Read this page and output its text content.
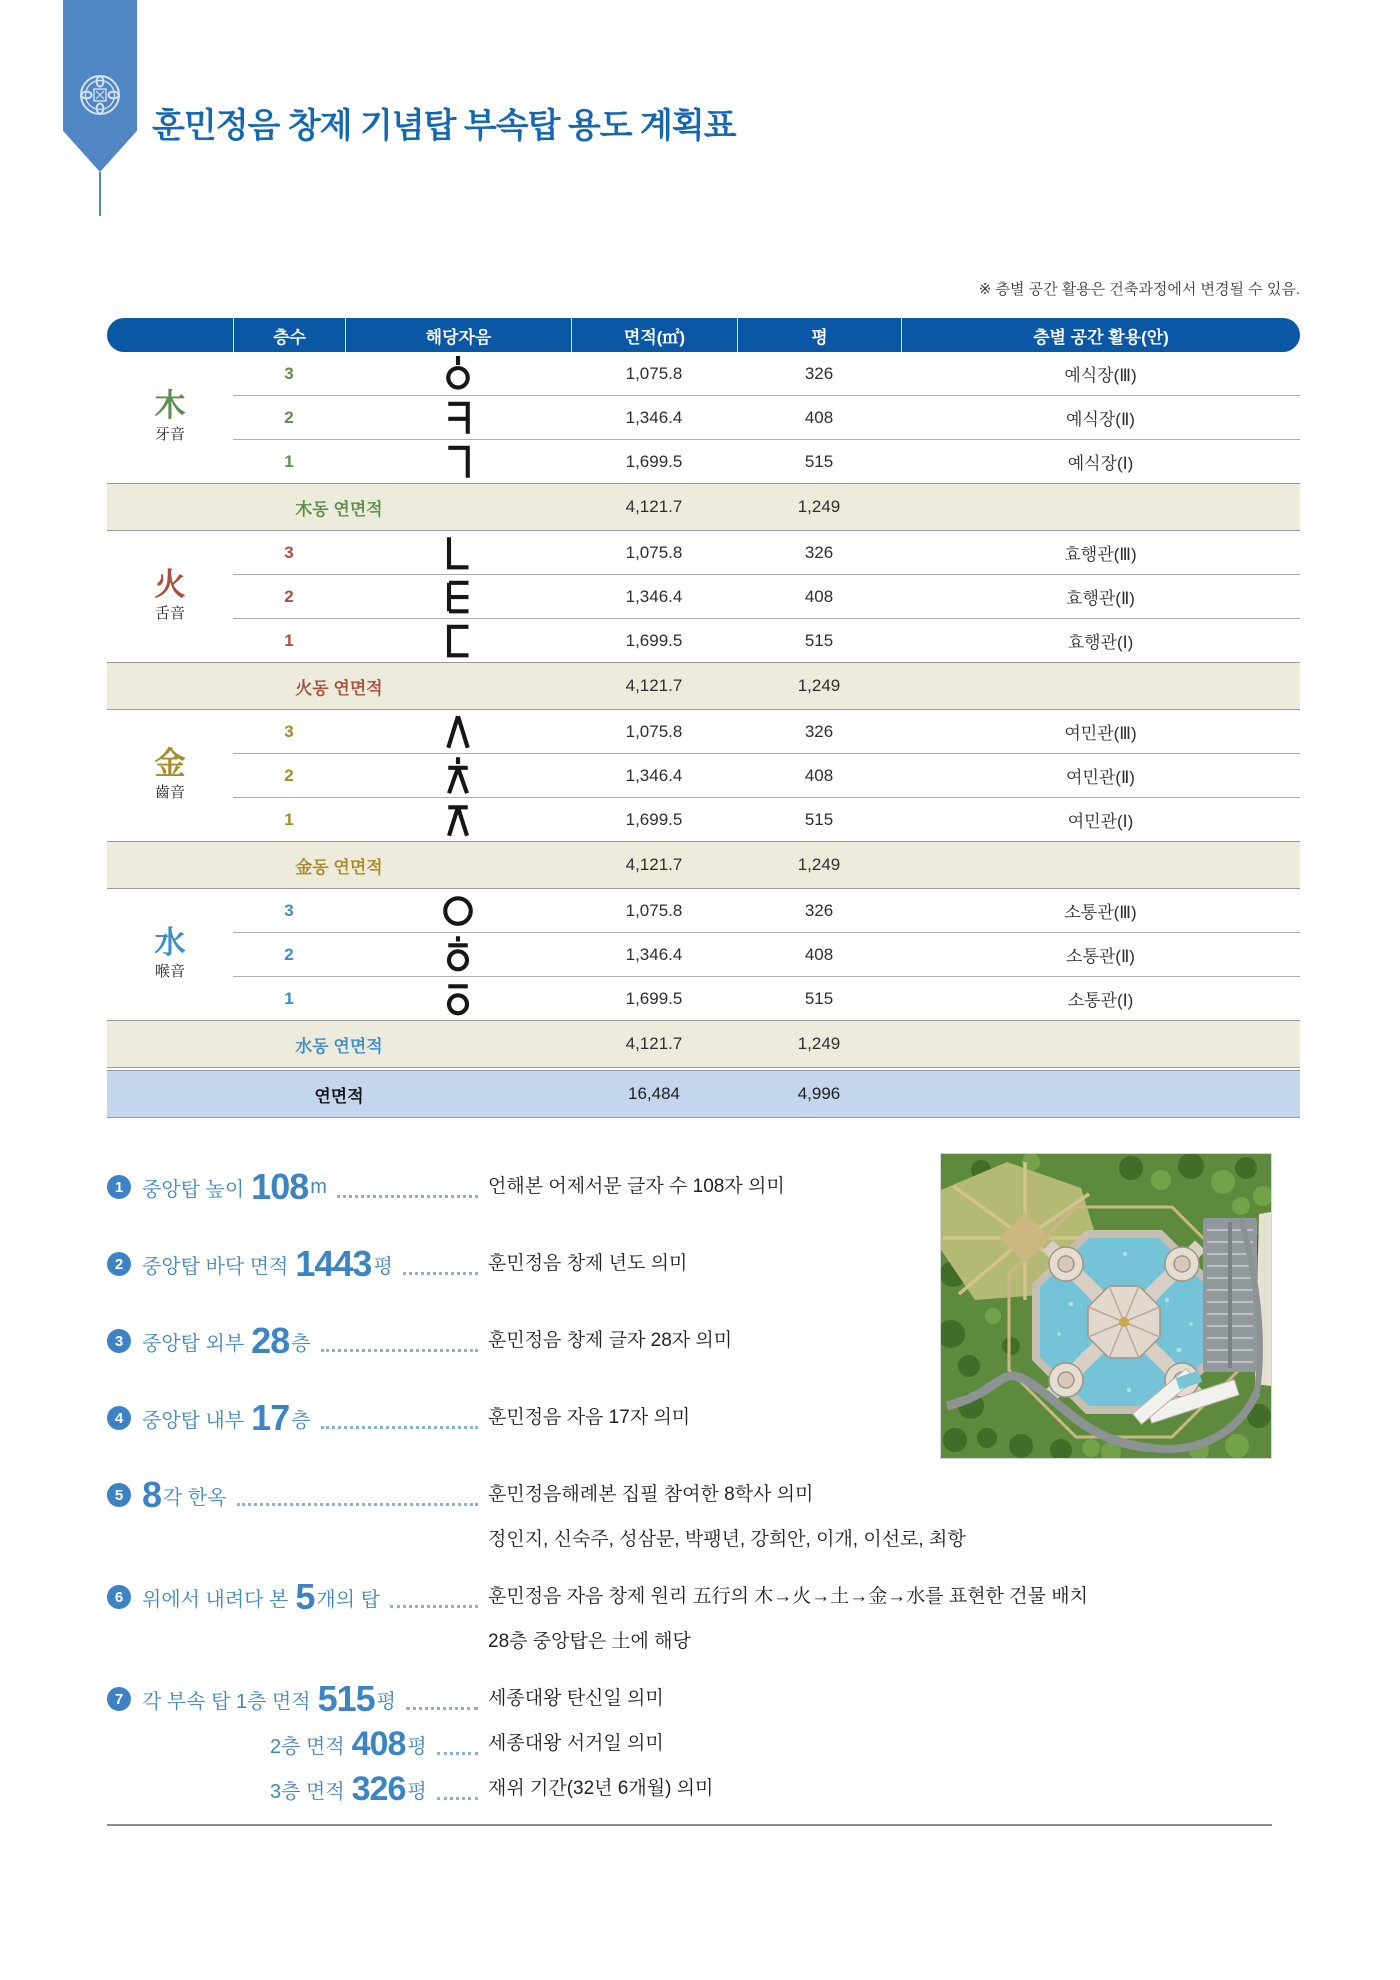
훈민정음 창제 기념탑 부속탑 용도 계획표
※ 층별 공간 활용은 건축과정에서 변경될 수 있음.
층수	해당자음	면적(㎡)	평	층별 공간 활용(안)
木
牙音
3	1,075.8	326	예식장(Ⅲ)
2	1,346.4	408	예식장(Ⅱ)
1	1,699.5	515	예식장(Ⅰ)
木동 연면적	4,121.7	1,249
火
舌音
3	1,075.8	326	효행관(Ⅲ)
2	1,346.4	408	효행관(Ⅱ)
1	1,699.5	515	효행관(Ⅰ)
火동 연면적	4,121.7	1,249
金
齒音
3	1,075.8	326	여민관(Ⅲ)
2	1,346.4	408	여민관(Ⅱ)
1	1,699.5	515	여민관(Ⅰ)
金동 연면적	4,121.7	1,249
水
喉音
3	1,075.8	326	소통관(Ⅲ)
2	1,346.4	408	소통관(Ⅱ)
1	1,699.5	515	소통관(Ⅰ)
水동 연면적	4,121.7	1,249
연면적	16,484	4,996
1 중앙탑 높이 108 m	언해본 어제서문 글자 수 108자 의미
2 중앙탑 바닥 면적 1443 평	훈민정음 창제 년도 의미
3 중앙탑 외부 28 층	훈민정음 창제 글자 28자 의미
4 중앙탑 내부 17 층	훈민정음 자음 17자 의미
5 8 각 한옥	훈민정음해례본 집필 참여한 8학사 의미
정인지, 신숙주, 성삼문, 박팽년, 강희안, 이개, 이선로, 최항
6 위에서 내려다 본 5 개의 탑	훈민정음 자음 창제 원리 五行의 木→火→土→金→水를 표현한 건물 배치
28층 중앙탑은 土에 해당
7 각 부속 탑 1층 면적 515 평	세종대왕 탄신일 의미
2층 면적 408 평	세종대왕 서거일 의미
3층 면적 326 평	재위 기간(32년 6개월) 의미
